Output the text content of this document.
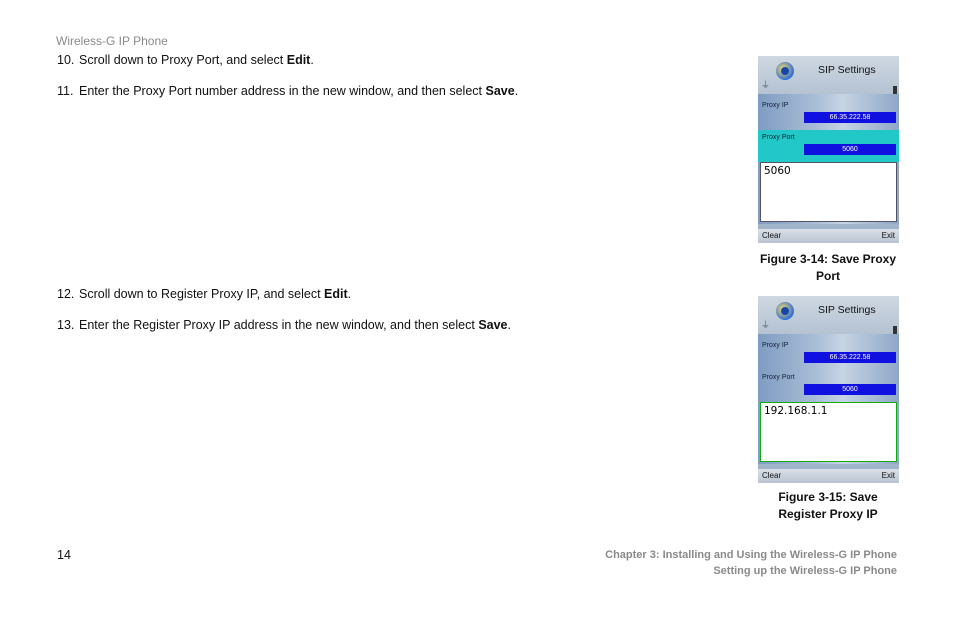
Wireless-G IP Phone
10. Scroll down to Proxy Port, and select Edit.
11. Enter the Proxy Port number address in the new window, and then select Save.
12. Scroll down to Register Proxy IP, and select Edit.
13. Enter the Register Proxy IP address in the new window, and then select Save.
⏚
SIP Settings
Proxy IP
66.35.222.58
Proxy Port
5060
5060
Clear	Exit
Figure 3-14: Save Proxy
Port
⏚
SIP Settings
Proxy IP
66.35.222.58
Proxy Port
5060
192.168.1.1
Clear	Exit
Figure 3-15: Save
Register Proxy IP
14	Chapter 3: Installing and Using the Wireless-G IP Phone
Setting up the Wireless-G IP Phone
